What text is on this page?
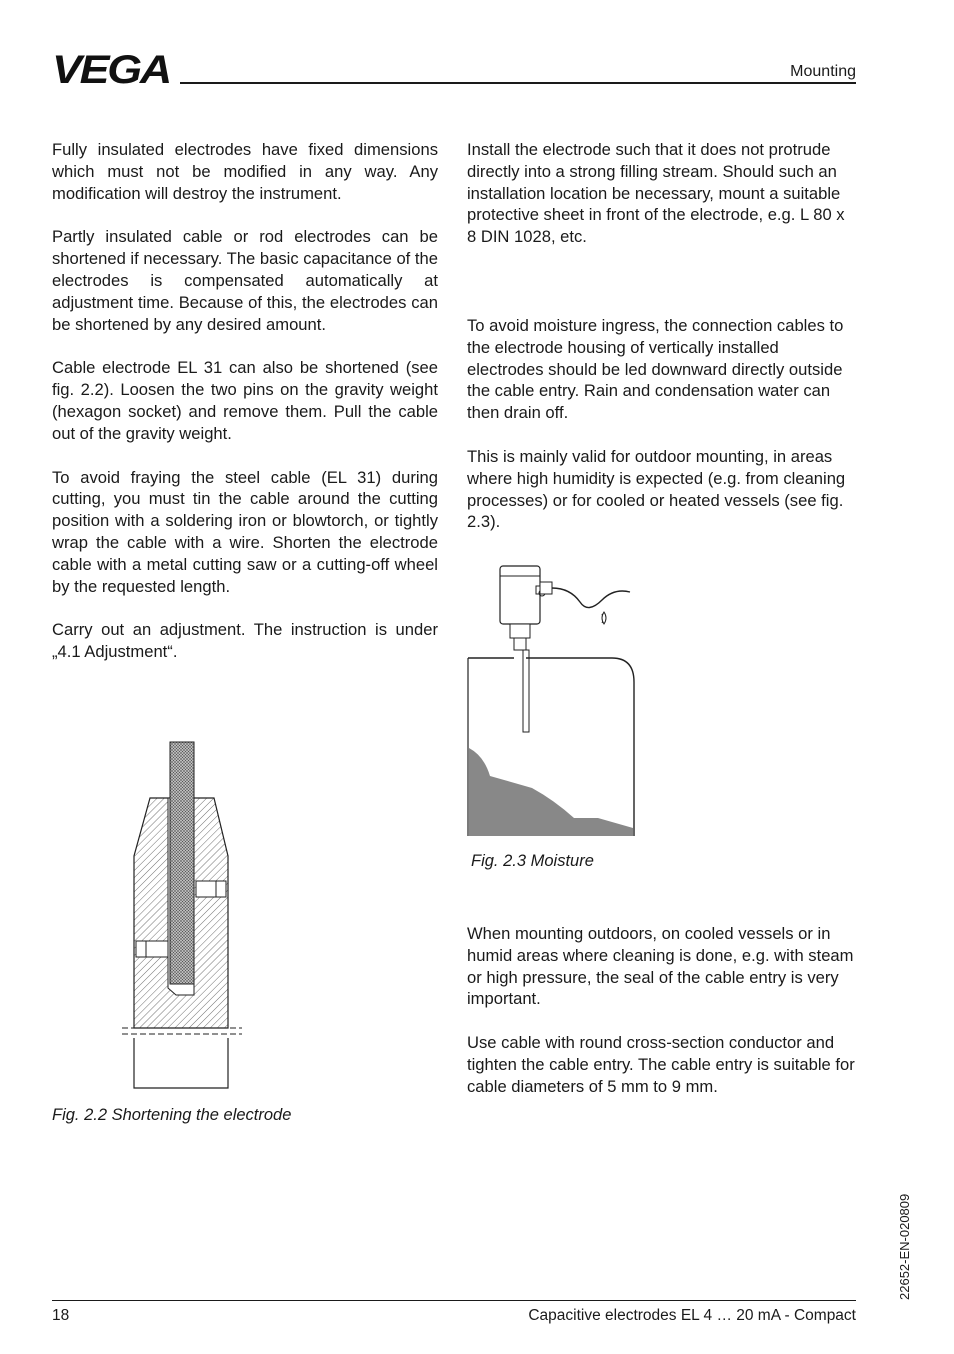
VEGA	Mounting

Fully insulated electrodes have fixed dimensions which must not be modified in any way. Any modification will destroy the instrument.

Partly insulated cable or rod electrodes can be shortened if necessary. The basic capacitance of the electrodes is compensated automatically at adjustment time. Because of this, the electrodes can be shortened by any desired amount.

Cable electrode EL 31 can also be shortened (see fig. 2.2). Loosen the two pins on the gravity weight (hexagon socket) and remove them. Pull the cable out of the gravity weight.

To avoid fraying the steel cable (EL 31) during cutting, you must tin the cable around the cutting position with a soldering iron or blowtorch, or tightly wrap the cable with a wire. Shorten the electrode cable with a metal cutting saw or a cutting-off wheel by the requested length.

Carry out an adjustment. The instruction is under „4.1 Adjustment“.

Install the electrode such that it does not protrude directly into a strong filling stream. Should such an installation location be necessary, mount a suitable protective sheet in front of the electrode, e.g. L 80 x 8 DIN 1028, etc.

To avoid moisture ingress, the connection cables to the electrode housing of vertically installed electrodes should be led downward directly outside the cable entry. Rain and condensation water can then drain off.

This is mainly valid for outdoor mounting, in areas where high humidity is expected (e.g. from cleaning processes) or for cooled or heated vessels (see fig. 2.3).

When mounting outdoors, on cooled vessels or in humid areas where cleaning is done, e.g. with steam or high pressure, the seal of the cable entry is very important.

Use cable with round cross-section conductor and tighten the cable entry. The cable entry is suitable for cable diameters of 5 mm to 9 mm.

Fig. 2.2 Shortening the electrode
Fig. 2.3 Moisture
22652-EN-020809
18	Capacitive electrodes EL 4 … 20 mA - Compact
